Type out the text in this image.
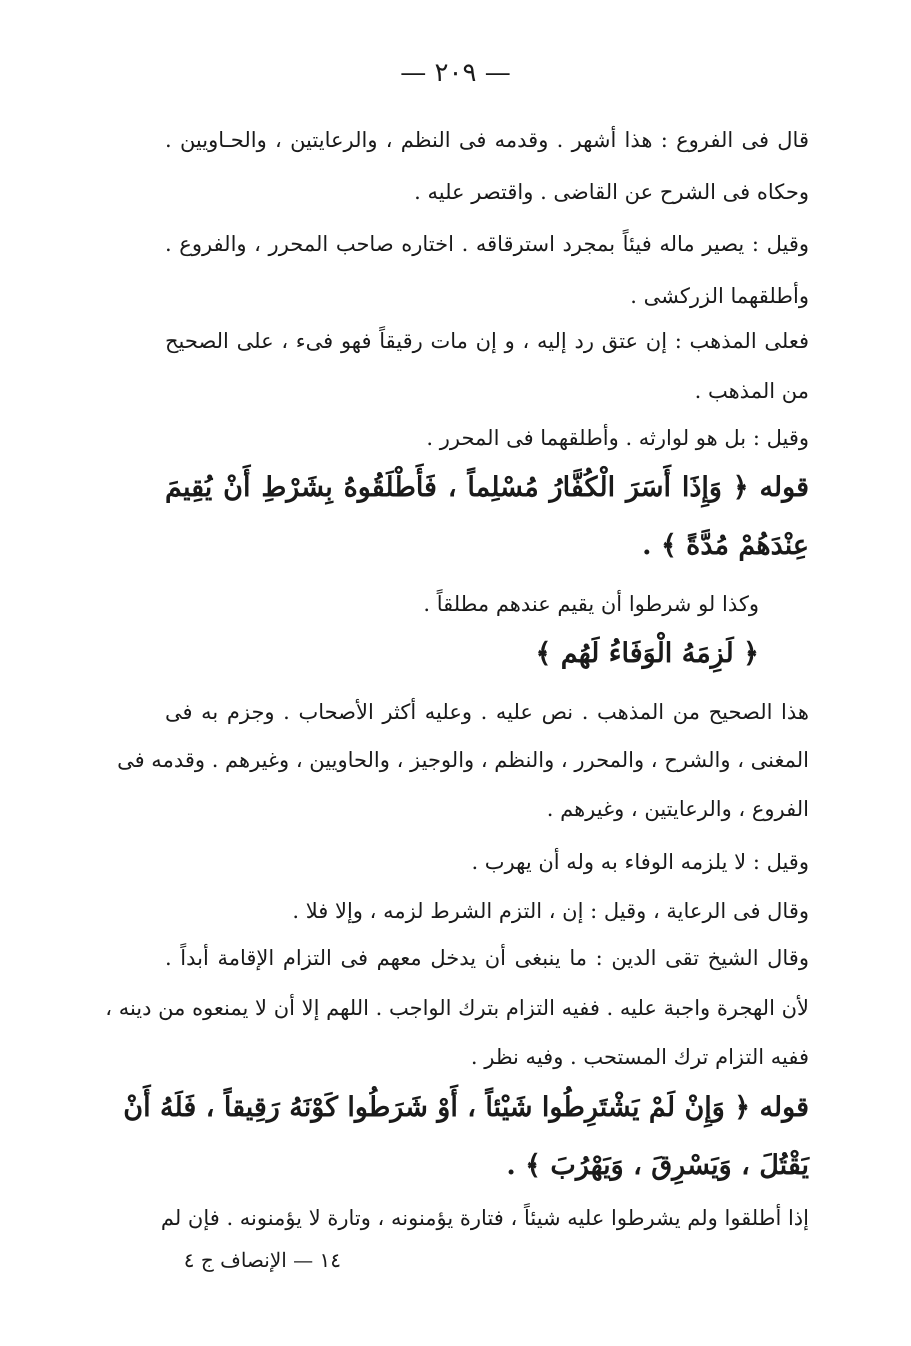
— ٢٠٩ —
قال فى الفروع : هذا أشهر . وقدمه فى النظم ، والرعايتين ، والحـاويين .
وحكاه فى الشرح عن القاضى . واقتصر عليه .
وقيل : يصير ماله فيئاً بمجرد استرقاقه . اختاره صاحب المحرر ، والفروع .
وأطلقهما الزركشى .
فعلى المذهب : إن عتق رد إليه ، و إن مات رقيقاً فهو فىء ، على الصحيح
من المذهب .
وقيل : بل هو لوارثه . وأطلقهما فى المحرر .
قوله ﴿ وَإِذَا أَسَرَ الْكُفَّارُ مُسْلِماً ، فَأَطْلَقُوهُ بِشَرْطِ أَنْ يُقِيمَ
عِنْدَهُمْ مُدَّةً ﴾ .
وكذا لو شرطوا أن يقيم عندهم مطلقاً .
﴿ لَزِمَهُ الْوَفَاءُ لَهُم ﴾
هذا الصحيح من المذهب . نص عليه . وعليه أكثر الأصحاب . وجزم به فى
المغنى ، والشرح ، والمحرر ، والنظم ، والوجيز ، والحاويين ، وغيرهم . وقدمه فى
الفروع ، والرعايتين ، وغيرهم .
وقيل : لا يلزمه الوفاء به وله أن يهرب .
وقال فى الرعاية ، وقيل : إن ، التزم الشرط لزمه ، وإلا فلا .
وقال الشيخ تقى الدين : ما ينبغى أن يدخل معهم فى التزام الإقامة أبداً .
لأن الهجرة واجبة عليه . ففيه التزام بترك الواجب . اللهم إلا أن لا يمنعوه من دينه ،
ففيه التزام ترك المستحب . وفيه نظر .
قوله ﴿ وَإِنْ لَمْ يَشْتَرِطُوا شَيْئاً ، أَوْ شَرَطُوا كَوْنَهُ رَقِيقاً ، فَلَهُ أَنْ
يَقْتُلَ ، وَيَسْرِقَ ، وَيَهْرُبَ ﴾ .
إذا أطلقوا ولم يشرطوا عليه شيئاً ، فتارة يؤمنونه ، وتارة لا يؤمنونه . فإن لم
١٤ — الإنصاف ج ٤
